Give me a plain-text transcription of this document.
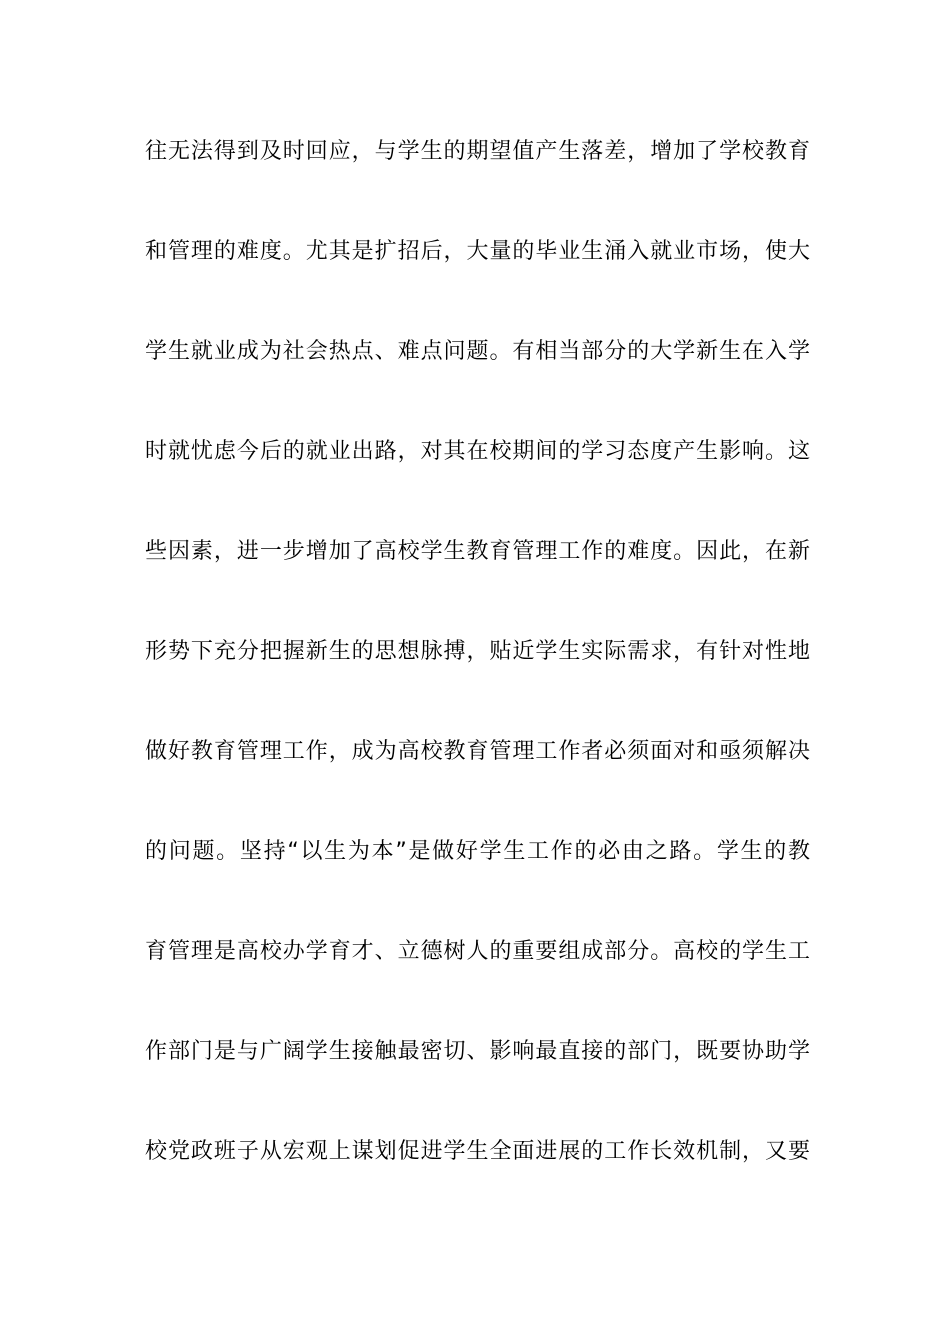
往无法得到及时回应，与学生的期望值产生落差，增加了学校教育
和管理的难度。尤其是扩招后，大量的毕业生涌入就业市场，使大
学生就业成为社会热点、难点问题。有相当部分的大学新生在入学
时就忧虑今后的就业出路，对其在校期间的学习态度产生影响。这
些因素，进一步增加了高校学生教育管理工作的难度。因此，在新
形势下充分把握新生的思想脉搏，贴近学生实际需求，有针对性地
做好教育管理工作，成为高校教育管理工作者必须面对和亟须解决
的问题。坚持“以生为本”是做好学生工作的必由之路。学生的教
育管理是高校办学育才、立德树人的重要组成部分。高校的学生工
作部门是与广阔学生接触最密切、影响最直接的部门，既要协助学
校党政班子从宏观上谋划促进学生全面进展的工作长效机制，又要
